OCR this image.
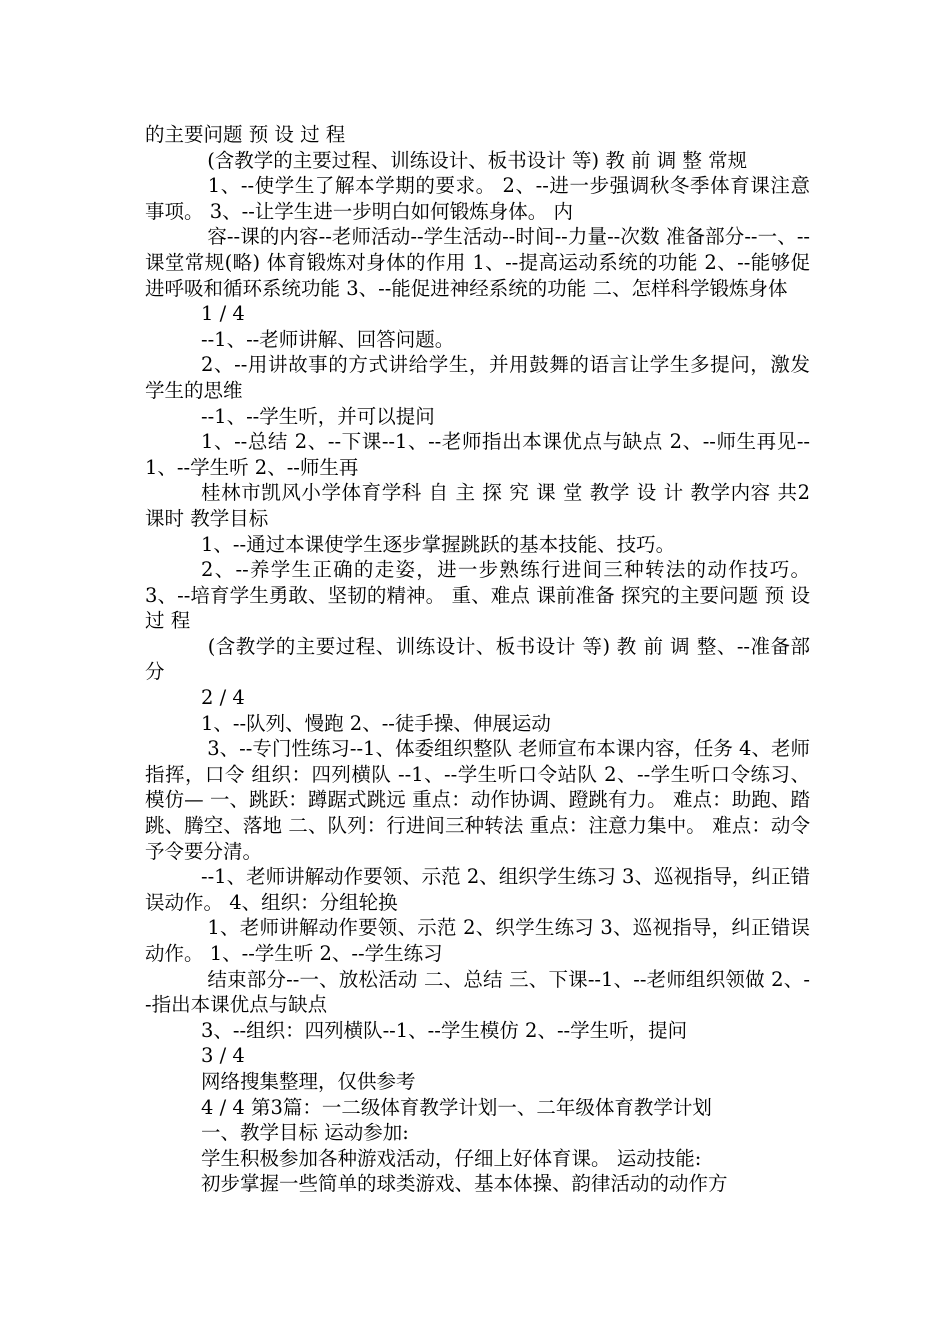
的主要问题 预 设 过 程

(含教学的主要过程、训练设计、板书设计 等) 教 前 调 整 常规

1、--使学生了解本学期的要求。 2、--进一步强调秋冬季体育课注意事项。 3、--让学生进一步明白如何锻炼身体。 内

容--课的内容--老师活动--学生活动--时间--力量--次数 准备部分--一、--课堂常规(略) 体育锻炼对身体的作用 1、--提高运动系统的功能 2、--能够促进呼吸和循环系统功能 3、--能促进神经系统的功能 二、怎样科学锻炼身体

1 / 4

--1、--老师讲解、回答问题。

2、--用讲故事的方式讲给学生，并用鼓舞的语言让学生多提问，激发学生的思维

--1、--学生听，并可以提问

1、--总结 2、--下课--1、--老师指出本课优点与缺点 2、--师生再见--1、--学生听 2、--师生再

桂林市凯风小学体育学科 自 主 探 究 课 堂 教学 设 计 教学内容 共2 课时 教学目标

1、--通过本课使学生逐步掌握跳跃的基本技能、技巧。

2、--养学生正确的走姿，进一步熟练行进间三种转法的动作技巧。 3、--培育学生勇敢、坚韧的精神。 重、难点 课前准备 探究的主要问题 预 设 过 程

(含教学的主要过程、训练设计、板书设计 等) 教 前 调 整、--准备部分

2 / 4

1、--队列、慢跑 2、--徒手操、伸展运动

3、--专门性练习--1、体委组织整队 老师宣布本课内容，任务 4、老师指挥，口令 组织：四列横队 --1、--学生听口令站队 2、--学生听口令练习、模仿— 一、跳跃：蹲踞式跳远 重点：动作协调、蹬跳有力。 难点：助跑、踏跳、腾空、落地 二、队列：行进间三种转法 重点：注意力集中。 难点：动令予令要分清。

--1、老师讲解动作要领、示范 2、组织学生练习 3、巡视指导，纠正错误动作。 4、组织：分组轮换

1、老师讲解动作要领、示范 2、织学生练习 3、巡视指导，纠正错误动作。 1、--学生听 2、--学生练习

结束部分--一、放松活动 二、总结 三、下课--1、--老师组织领做 2、--指出本课优点与缺点

3、--组织：四列横队--1、--学生模仿 2、--学生听，提问

3 / 4

网络搜集整理，仅供参考

4 / 4 第3篇：一二级体育教学计划一、二年级体育教学计划

一、教学目标 运动参加:

学生积极参加各种游戏活动，仔细上好体育课。 运动技能:

初步掌握一些简单的球类游戏、基本体操、韵律活动的动作方
